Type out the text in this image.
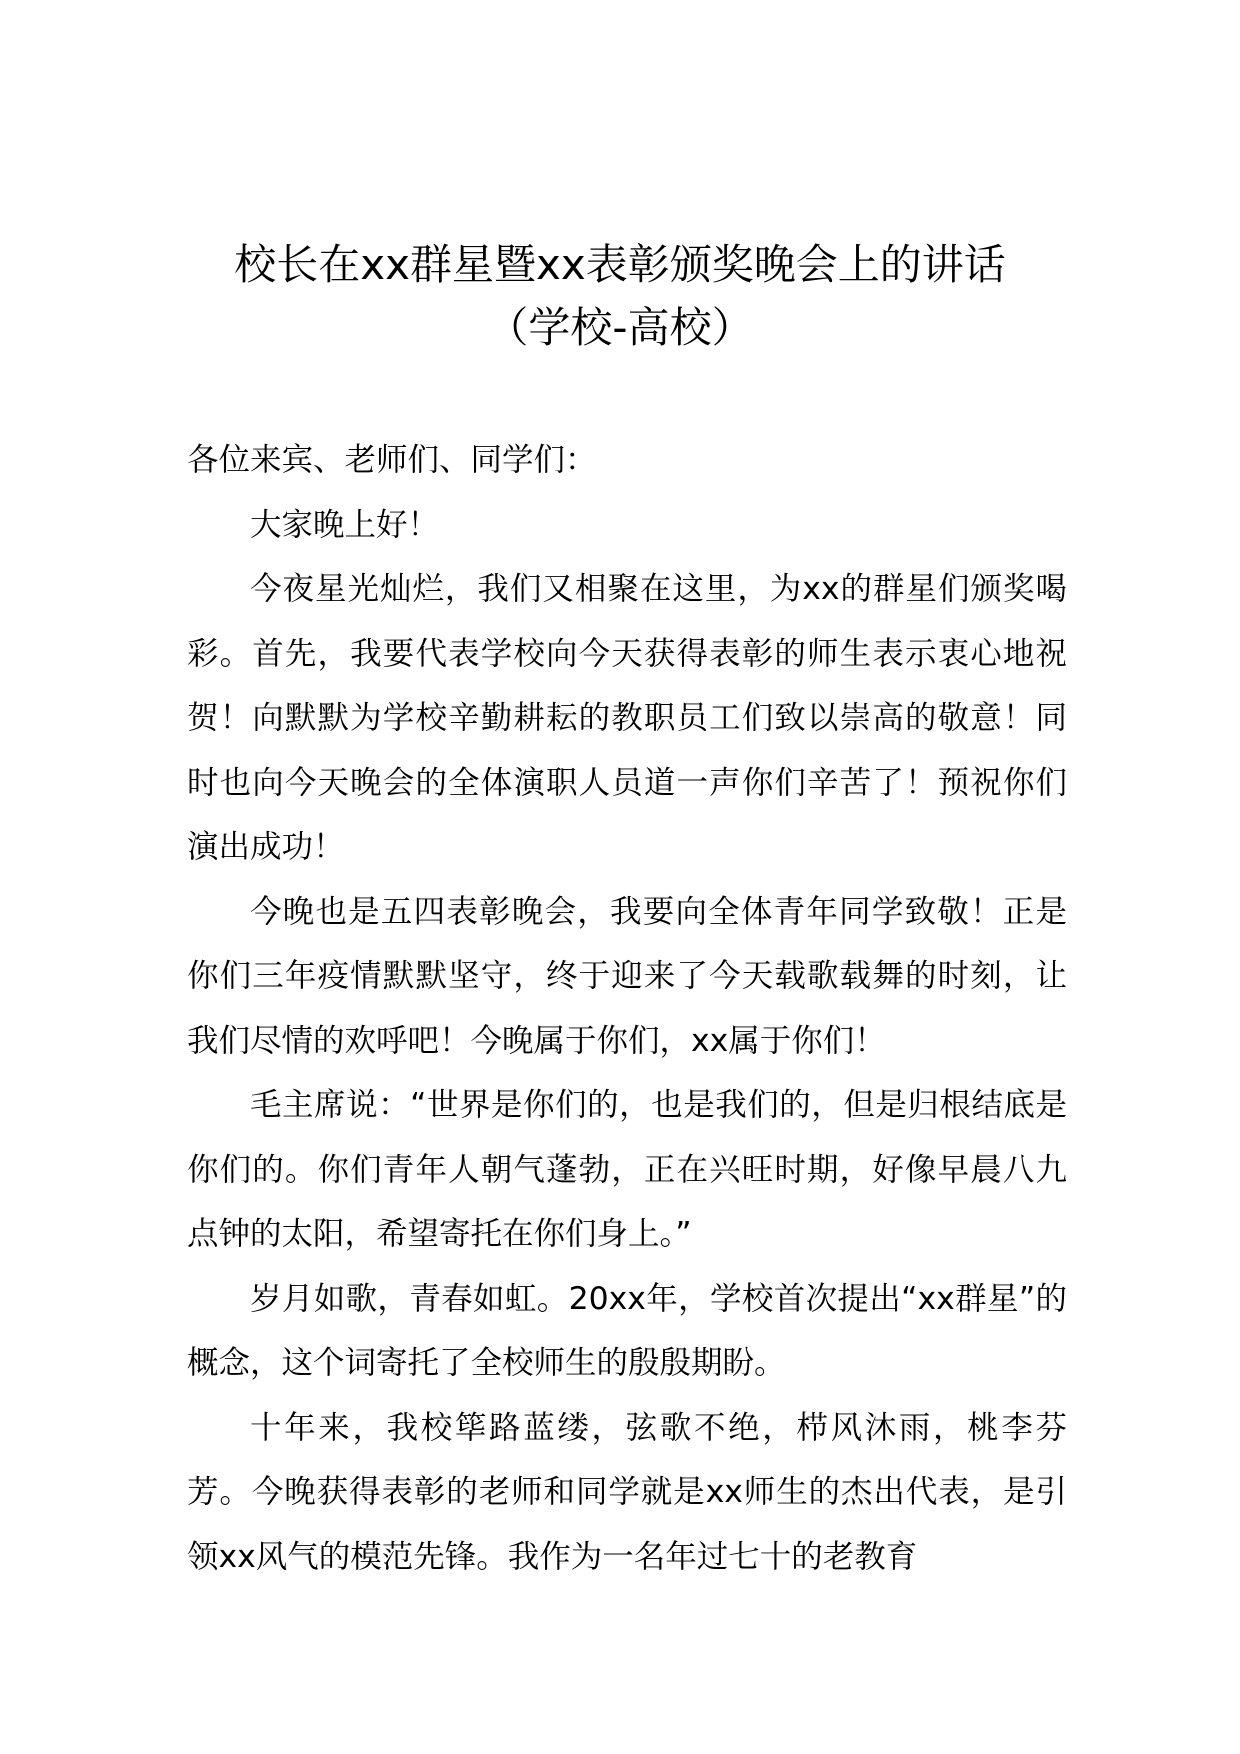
校长在xx群星暨xx表彰颁奖晚会上的讲话
（学校-高校）

各位来宾、老师们、同学们：

大家晚上好！

今夜星光灿烂，我们又相聚在这里，为xx的群星们颁奖喝彩。首先，我要代表学校向今天获得表彰的师生表示衷心地祝贺！向默默为学校辛勤耕耘的教职员工们致以崇高的敬意！同时也向今天晚会的全体演职人员道一声你们辛苦了！预祝你们演出成功！

今晚也是五四表彰晚会，我要向全体青年同学致敬！正是你们三年疫情默默坚守，终于迎来了今天载歌载舞的时刻，让我们尽情的欢呼吧！今晚属于你们，xx属于你们！

毛主席说：“世界是你们的，也是我们的，但是归根结底是你们的。你们青年人朝气蓬勃，正在兴旺时期，好像早晨八九点钟的太阳，希望寄托在你们身上。”

岁月如歌，青春如虹。20xx年，学校首次提出“xx群星”的概念，这个词寄托了全校师生的殷殷期盼。

十年来，我校筚路蓝缕，弦歌不绝，栉风沐雨，桃李芬芳。今晚获得表彰的老师和同学就是xx师生的杰出代表，是引领xx风气的模范先锋。我作为一名年过七十的老教育
